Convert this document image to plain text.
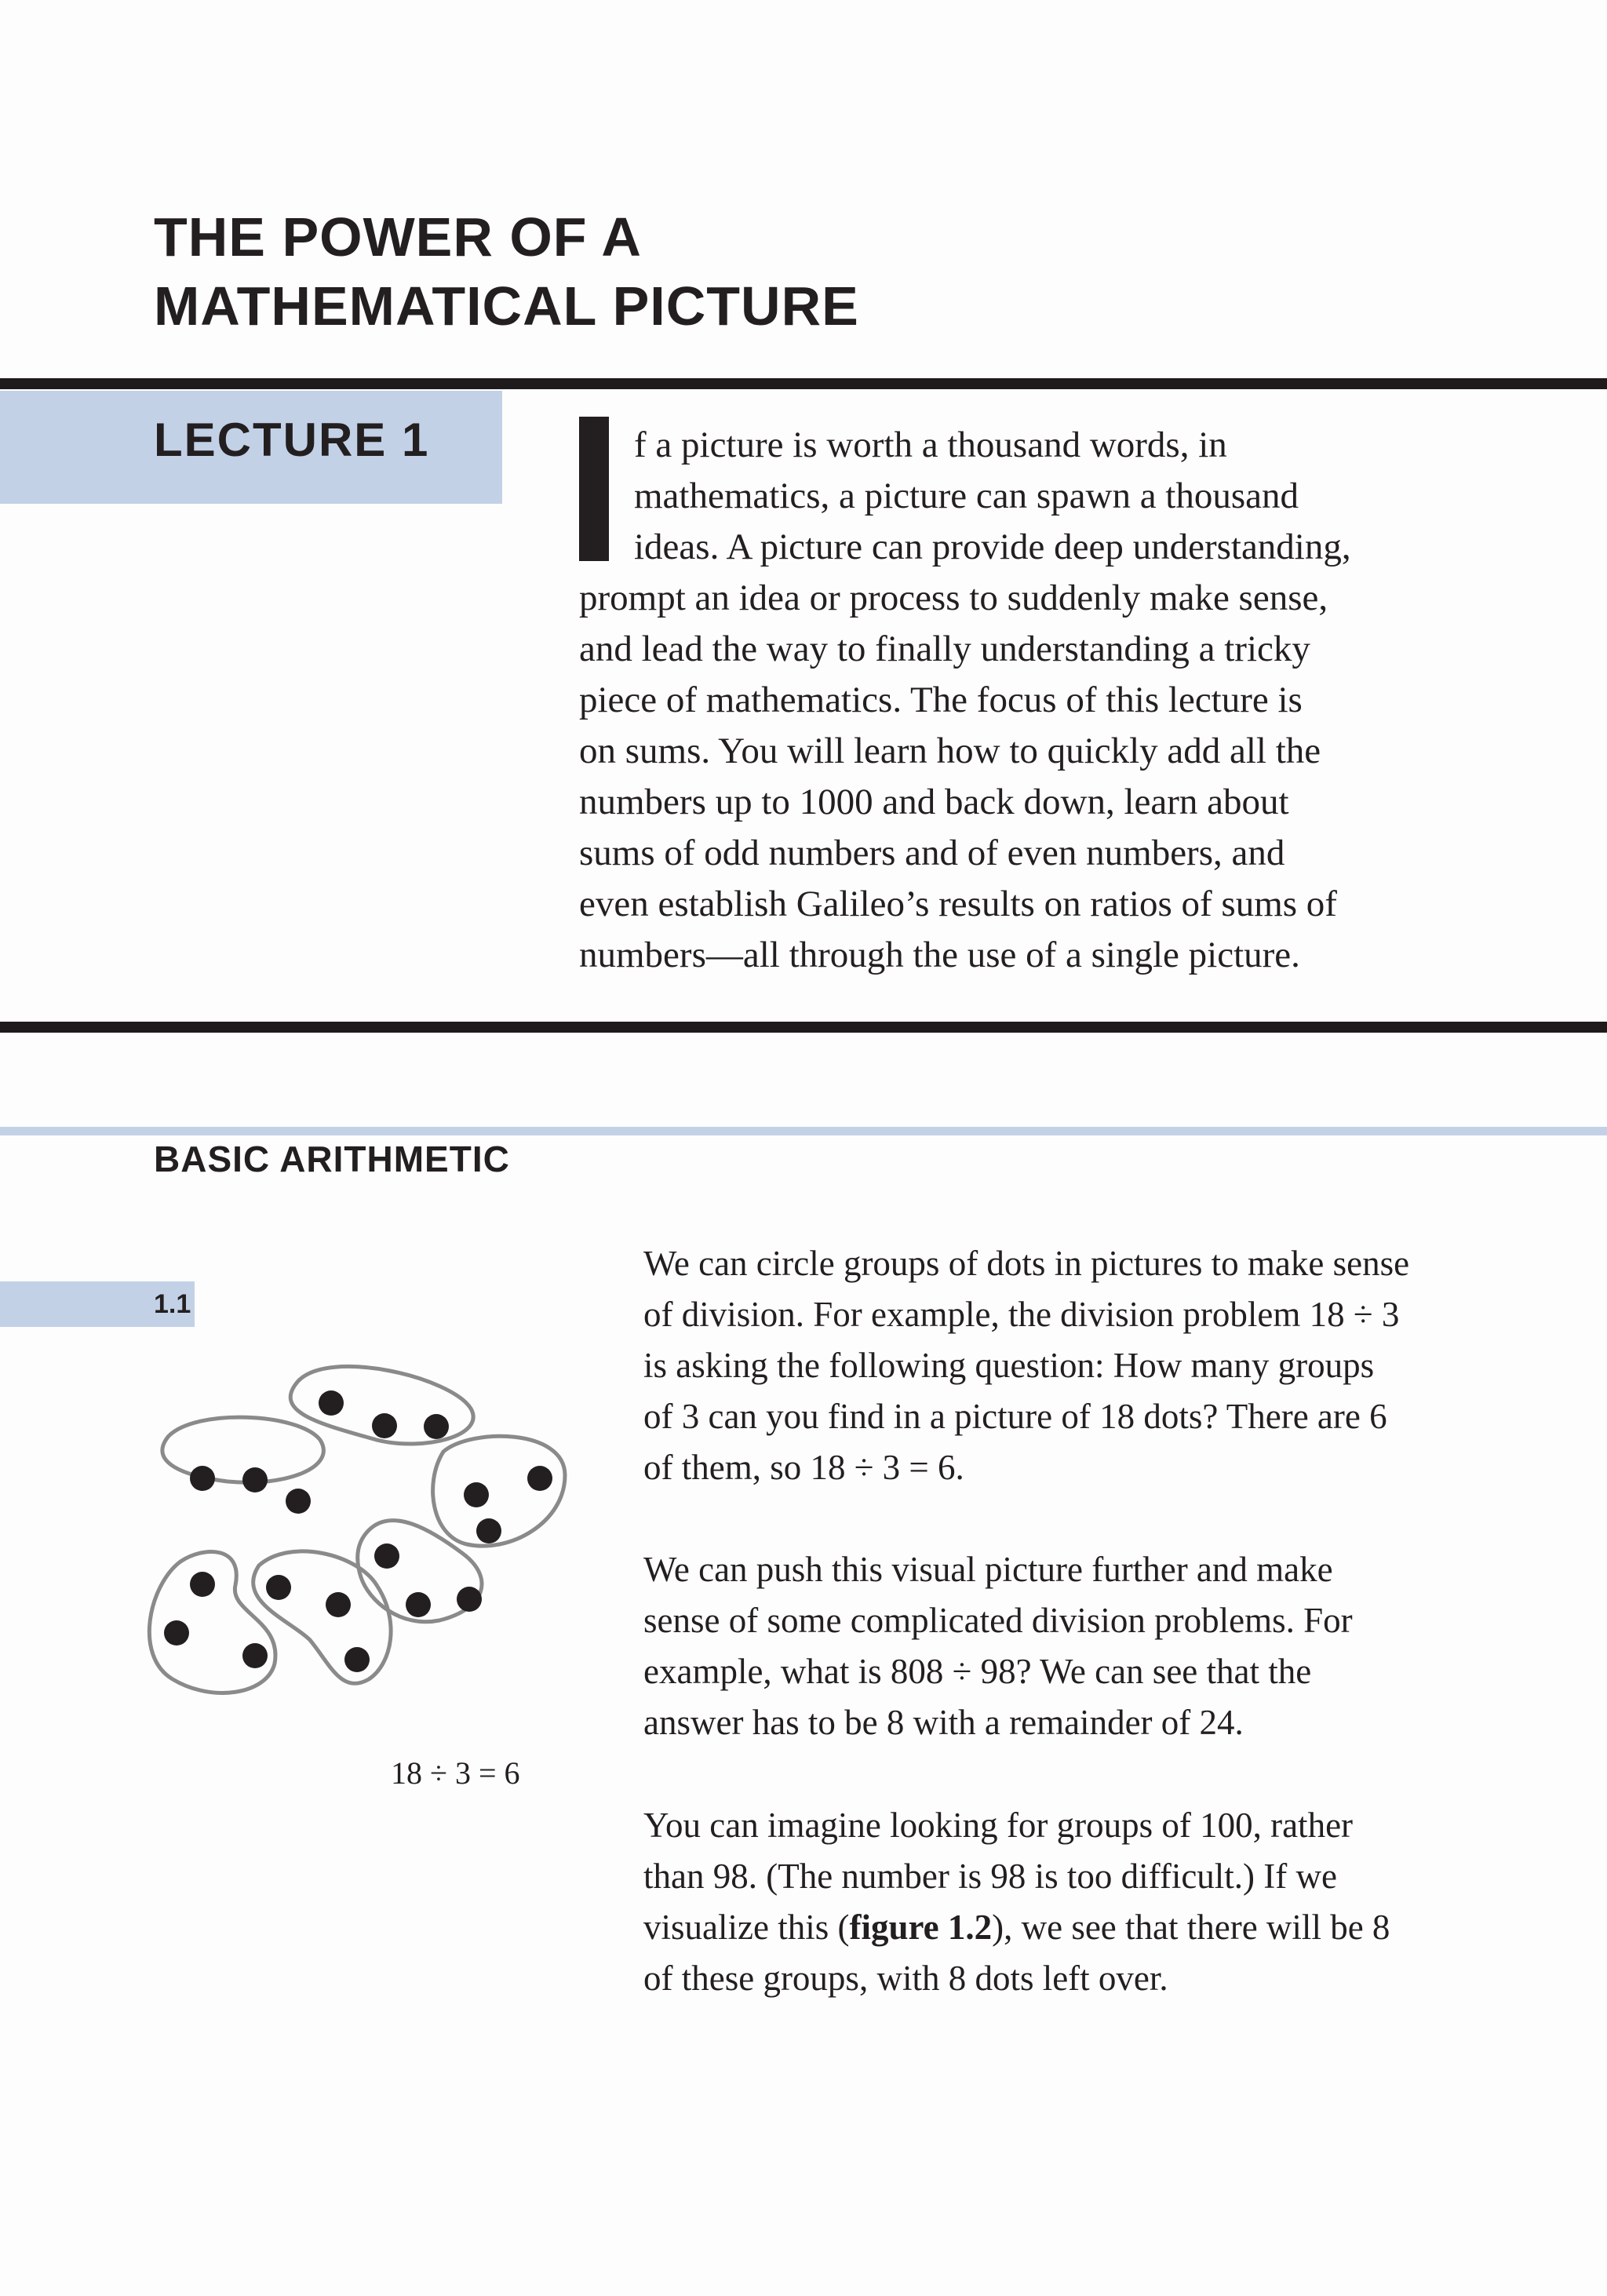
THE POWER OF A
MATHEMATICAL PICTURE
LECTURE 1	f a picture is worth a thousand words, in
mathematics, a picture can spawn a thousand
ideas. A picture can provide deep understanding,
prompt an idea or process to suddenly make sense,
and lead the way to finally understanding a tricky
piece of mathematics. The focus of this lecture is
on sums. You will learn how to quickly add all the
numbers up to 1000 and back down, learn about
sums of odd numbers and of even numbers, and
even establish Galileo’s results on ratios of sums of
numbers—all through the use of a single picture.
BASIC ARITHMETIC
1.1
18 ÷ 3 = 6

We can circle groups of dots in pictures to make sense
of division. For example, the division problem 18 ÷ 3
is asking the following question: How many groups
of 3 can you find in a picture of 18 dots? There are 6
of them, so 18 ÷ 3 = 6.

We can push this visual picture further and make
sense of some complicated division problems. For
example, what is 808 ÷ 98? We can see that the
answer has to be 8 with a remainder of 24.

You can imagine looking for groups of 100, rather
than 98. (The number is 98 is too difficult.) If we
visualize this (figure 1.2), we see that there will be 8
of these groups, with 8 dots left over.
